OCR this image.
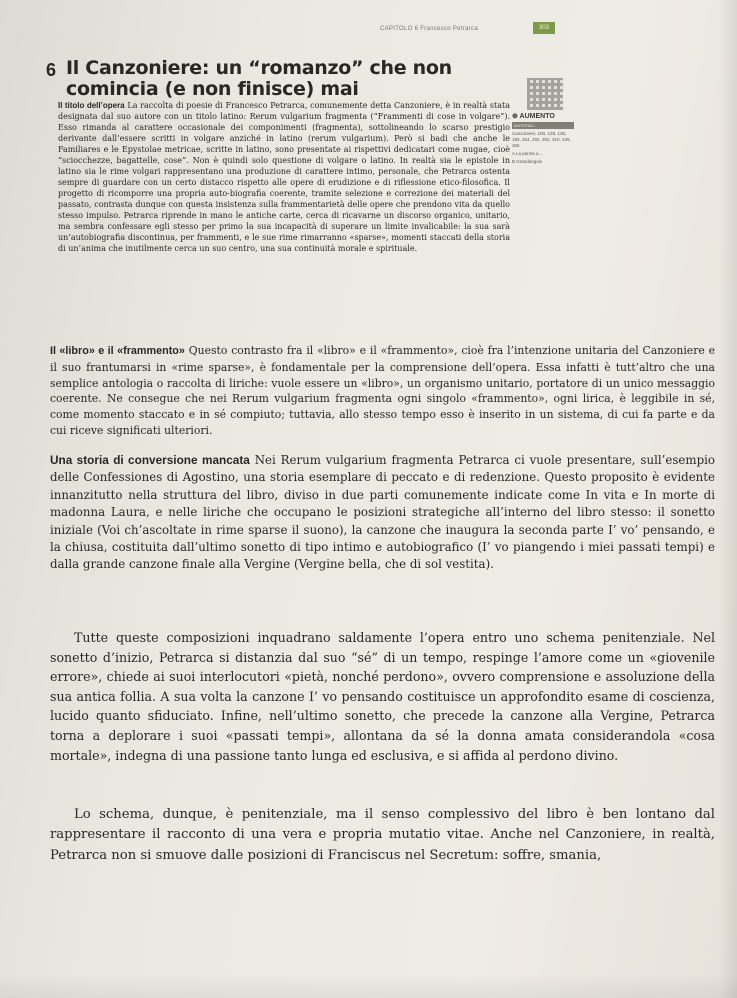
CAPITOLO 6 Francesco Petrarca	303
6 Il Canzoniere: un “romanzo” che non comincia (e non finisce) mai
⊕ AUMENTO
MATERIALI
Canzoniere, 100, 128, 136, 189, 264, 292, 302, 310, 349, 366
A La parola a...
B Grandangolo

Il titolo dell’opera La raccolta di poesie di Francesco Petrarca, comunemente detta Canzoniere, è in realtà stata designata dal suo autore con un titolo latino: Rerum vulgarium fragmenta (“Frammenti di cose in volgare”). Esso rimanda al carattere occasionale dei componimenti (fragmenta), sottolineando lo scarso prestigio derivante dall’essere scritti in volgare anziché in latino (rerum vulgarium). Però si badi che anche le Familiares e le Epystolae metricae, scritte in latino, sono presentate ai rispettivi dedicatari come nugae, cioè “sciocchezze, bagattelle, cose”. Non è quindi solo questione di volgare o latino. In realtà sia le epistole in latino sia le rime volgari rappresentano una produzione di carattere intimo, personale, che Petrarca ostenta sempre di guardare con un certo distacco rispetto alle opere di erudizione e di riflessione etico-filosofica. Il progetto di ricomporre una propria auto-biografia coerente, tramite selezione e correzione dei materiali del passato, contrasta dunque con questa insistenza sulla frammentarietà delle opere che prendono vita da quello stesso impulso. Petrarca riprende in mano le antiche carte, cerca di ricavarne un discorso organico, unitario, ma sembra confessare egli stesso per primo la sua incapacità di superare un limite invalicabile: la sua sarà un’autobiografia discontinua, per frammenti, e le sue rime rimarranno «sparse», momenti staccati della storia di un’anima che inutilmente cerca un suo centro, una sua continuità morale e spirituale.

Il «libro» e il «frammento» Questo contrasto fra il «libro» e il «frammento», cioè fra l’intenzione unitaria del Canzoniere e il suo frantumarsi in «rime sparse», è fondamentale per la comprensione dell’opera. Essa infatti è tutt’altro che una semplice antologia o raccolta di liriche: vuole essere un «libro», un organismo unitario, portatore di un unico messaggio coerente. Ne consegue che nei Rerum vulgarium fragmenta ogni singolo «frammento», ogni lirica, è leggibile in sé, come momento staccato e in sé compiuto; tuttavia, allo stesso tempo esso è inserito in un sistema, di cui fa parte e da cui riceve significati ulteriori.

Una storia di conversione mancata Nei Rerum vulgarium fragmenta Petrarca ci vuole presentare, sull’esempio delle Confessiones di Agostino, una storia esemplare di peccato e di redenzione. Questo proposito è evidente innanzitutto nella struttura del libro, diviso in due parti comunemente indicate come In vita e In morte di madonna Laura, e nelle liriche che occupano le posizioni strategiche all’interno del libro stesso: il sonetto iniziale (Voi ch’ascoltate in rime sparse il suono), la canzone che inaugura la seconda parte I’ vo’ pensando, e la chiusa, costituita dall’ultimo sonetto di tipo intimo e autobiografico (I’ vo piangendo i miei passati tempi) e dalla grande canzone finale alla Vergine (Vergine bella, che di sol vestita).

Tutte queste composizioni inquadrano saldamente l’opera entro uno schema penitenziale. Nel sonetto d’inizio, Petrarca si distanzia dal suo “sé” di un tempo, respinge l’amore come un «giovenile errore», chiede ai suoi interlocutori «pietà, nonché perdono», ovvero comprensione e assoluzione della sua antica follia. A sua volta la canzone I’ vo pensando costituisce un approfondito esame di coscienza, lucido quanto sfiduciato. Infine, nell’ultimo sonetto, che precede la canzone alla Vergine, Petrarca torna a deplorare i suoi «passati tempi», allontana da sé la donna amata considerandola «cosa mortale», indegna di una passione tanto lunga ed esclusiva, e si affida al perdono divino.

Lo schema, dunque, è penitenziale, ma il senso complessivo del libro è ben lontano dal rappresentare il racconto di una vera e propria mutatio vitae. Anche nel Canzoniere, in realtà, Petrarca non si smuove dalle posizioni di Franciscus nel Secretum: soffre, smania,
